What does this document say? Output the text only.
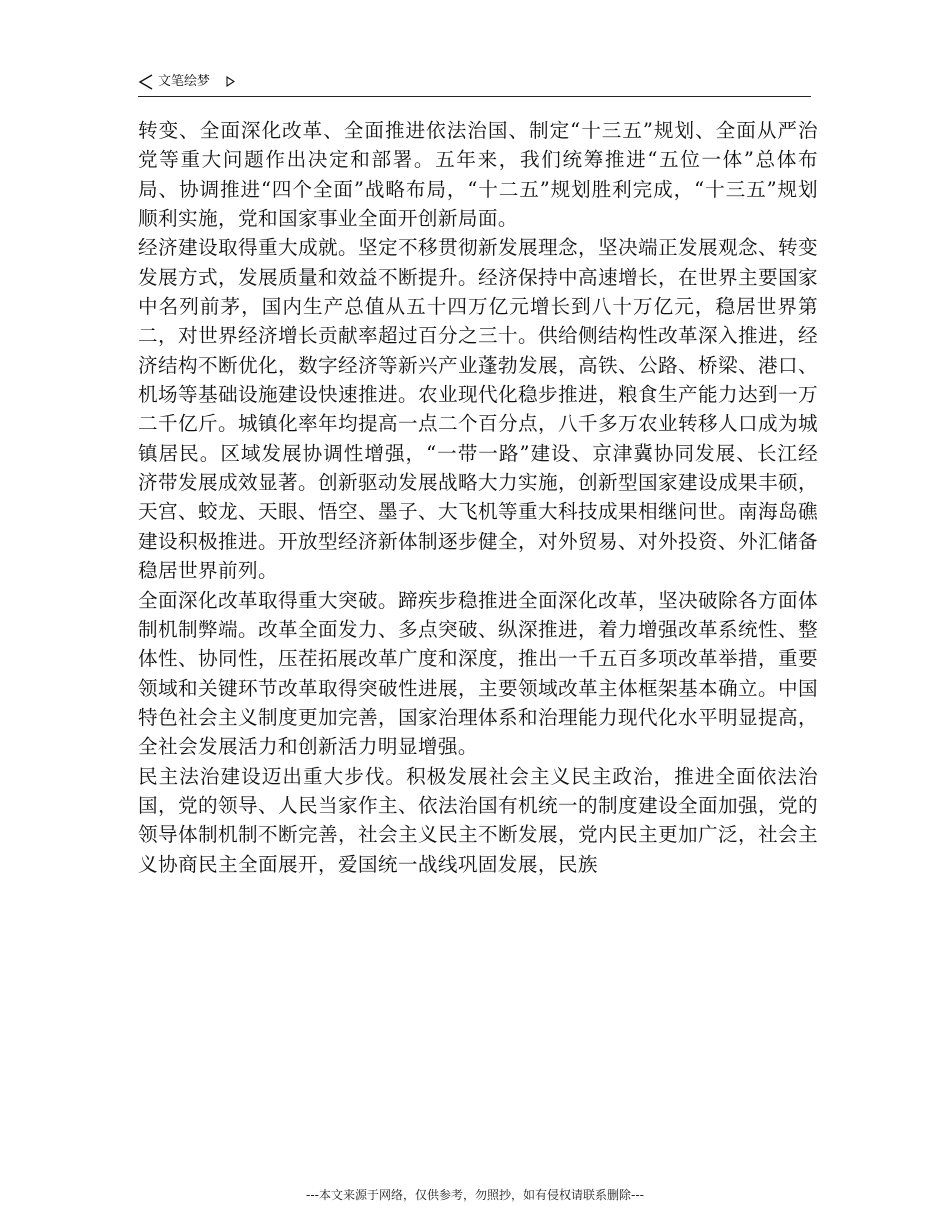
文笔绘梦

转变、全面深化改革、全面推进依法治国、制定“十三五”规划、全面从严治党等重大问题作出决定和部署。五年来，我们统筹推进“五位一体”总体布局、协调推进“四个全面”战略布局，“十二五”规划胜利完成，“十三五”规划顺利实施，党和国家事业全面开创新局面。

经济建设取得重大成就。坚定不移贯彻新发展理念，坚决端正发展观念、转变发展方式，发展质量和效益不断提升。经济保持中高速增长，在世界主要国家中名列前茅，国内生产总值从五十四万亿元增长到八十万亿元，稳居世界第二，对世界经济增长贡献率超过百分之三十。供给侧结构性改革深入推进，经济结构不断优化，数字经济等新兴产业蓬勃发展，高铁、公路、桥梁、港口、机场等基础设施建设快速推进。农业现代化稳步推进，粮食生产能力达到一万二千亿斤。城镇化率年均提高一点二个百分点，八千多万农业转移人口成为城镇居民。区域发展协调性增强，“一带一路”建设、京津冀协同发展、长江经济带发展成效显著。创新驱动发展战略大力实施，创新型国家建设成果丰硕，天宫、蛟龙、天眼、悟空、墨子、大飞机等重大科技成果相继问世。南海岛礁建设积极推进。开放型经济新体制逐步健全，对外贸易、对外投资、外汇储备稳居世界前列。

全面深化改革取得重大突破。蹄疾步稳推进全面深化改革，坚决破除各方面体制机制弊端。改革全面发力、多点突破、纵深推进，着力增强改革系统性、整体性、协同性，压茬拓展改革广度和深度，推出一千五百多项改革举措，重要领域和关键环节改革取得突破性进展，主要领域改革主体框架基本确立。中国特色社会主义制度更加完善，国家治理体系和治理能力现代化水平明显提高，全社会发展活力和创新活力明显增强。

民主法治建设迈出重大步伐。积极发展社会主义民主政治，推进全面依法治国，党的领导、人民当家作主、依法治国有机统一的制度建设全面加强，党的领导体制机制不断完善，社会主义民主不断发展，党内民主更加广泛，社会主义协商民主全面展开，爱国统一战线巩固发展，民族

---本文来源于网络，仅供参考，勿照抄，如有侵权请联系删除---
